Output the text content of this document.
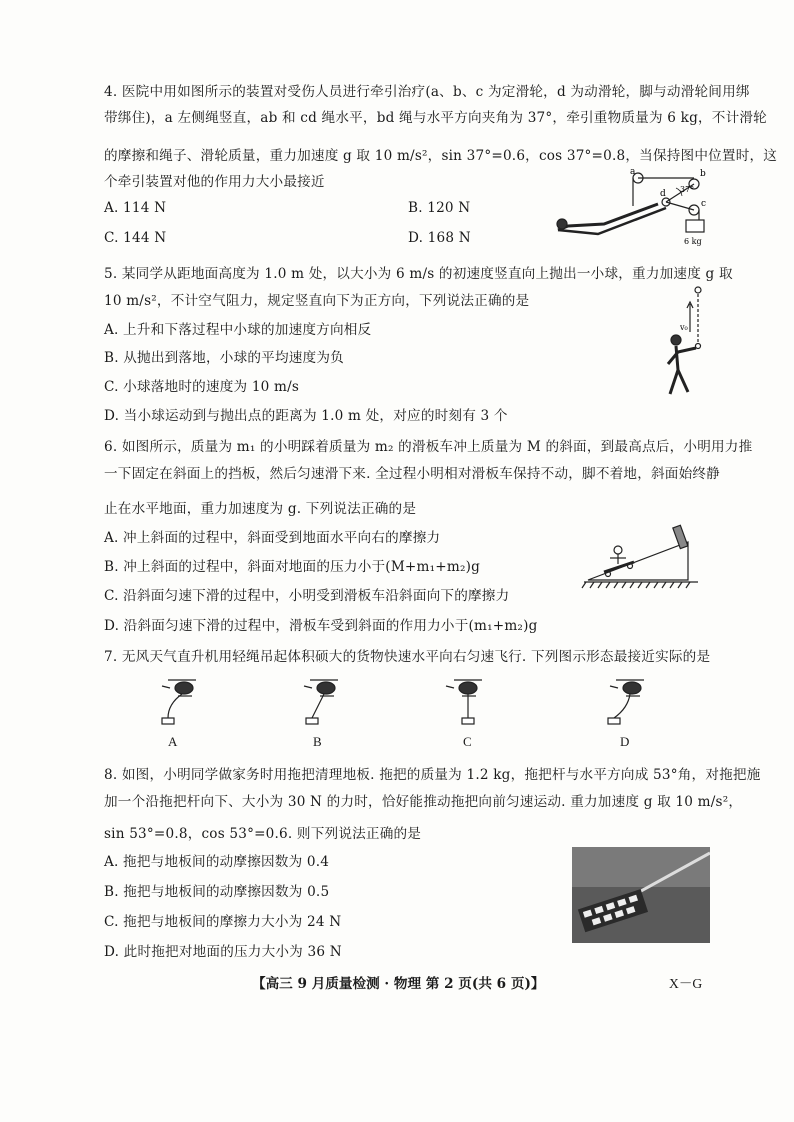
4. 医院中用如图所示的装置对受伤人员进行牵引治疗(a、b、c 为定滑轮，d 为动滑轮，脚与动滑轮间用绑
带绑住)，a 左侧绳竖直，ab 和 cd 绳水平，bd 绳与水平方向夹角为 37°，牵引重物质量为 6 kg，不计滑轮
的摩擦和绳子、滑轮质量，重力加速度 g 取 10 m/s²，sin 37°=0.6，cos 37°=0.8，当保持图中位置时，这
个牵引装置对他的作用力大小最接近
A. 114 N	B. 120 N
C. 144 N	D. 168 N
a	b
c
d 37°
6 kg
5. 某同学从距地面高度为 1.0 m 处，以大小为 6 m/s 的初速度竖直向上抛出一小球，重力加速度 g 取
10 m/s²，不计空气阻力，规定竖直向下为正方向，下列说法正确的是
A. 上升和下落过程中小球的加速度方向相反
B. 从抛出到落地，小球的平均速度为负
C. 小球落地时的速度为 10 m/s
D. 当小球运动到与抛出点的距离为 1.0 m 处，对应的时刻有 3 个
v₀
6. 如图所示，质量为 m₁ 的小明踩着质量为 m₂ 的滑板车冲上质量为 M 的斜面，到最高点后，小明用力推
一下固定在斜面上的挡板，然后匀速滑下来. 全过程小明相对滑板车保持不动，脚不着地，斜面始终静
止在水平地面，重力加速度为 g. 下列说法正确的是
A. 冲上斜面的过程中，斜面受到地面水平向右的摩擦力
B. 冲上斜面的过程中，斜面对地面的压力小于(M+m₁+m₂)g
C. 沿斜面匀速下滑的过程中，小明受到滑板车沿斜面向下的摩擦力
D. 沿斜面匀速下滑的过程中，滑板车受到斜面的作用力小于(m₁+m₂)g
7. 无风天气直升机用轻绳吊起体积硕大的货物快速水平向右匀速飞行. 下列图示形态最接近实际的是
A	B	C	D
8. 如图，小明同学做家务时用拖把清理地板. 拖把的质量为 1.2 kg，拖把杆与水平方向成 53°角，对拖把施
加一个沿拖把杆向下、大小为 30 N 的力时，恰好能推动拖把向前匀速运动. 重力加速度 g 取 10 m/s²，
sin 53°=0.8，cos 53°=0.6. 则下列说法正确的是
A. 拖把与地板间的动摩擦因数为 0.4
B. 拖把与地板间的动摩擦因数为 0.5
C. 拖把与地板间的摩擦力大小为 24 N
D. 此时拖把对地面的压力大小为 36 N
【高三 9 月质量检测 · 物理 第 2 页(共 6 页)】	X－G
